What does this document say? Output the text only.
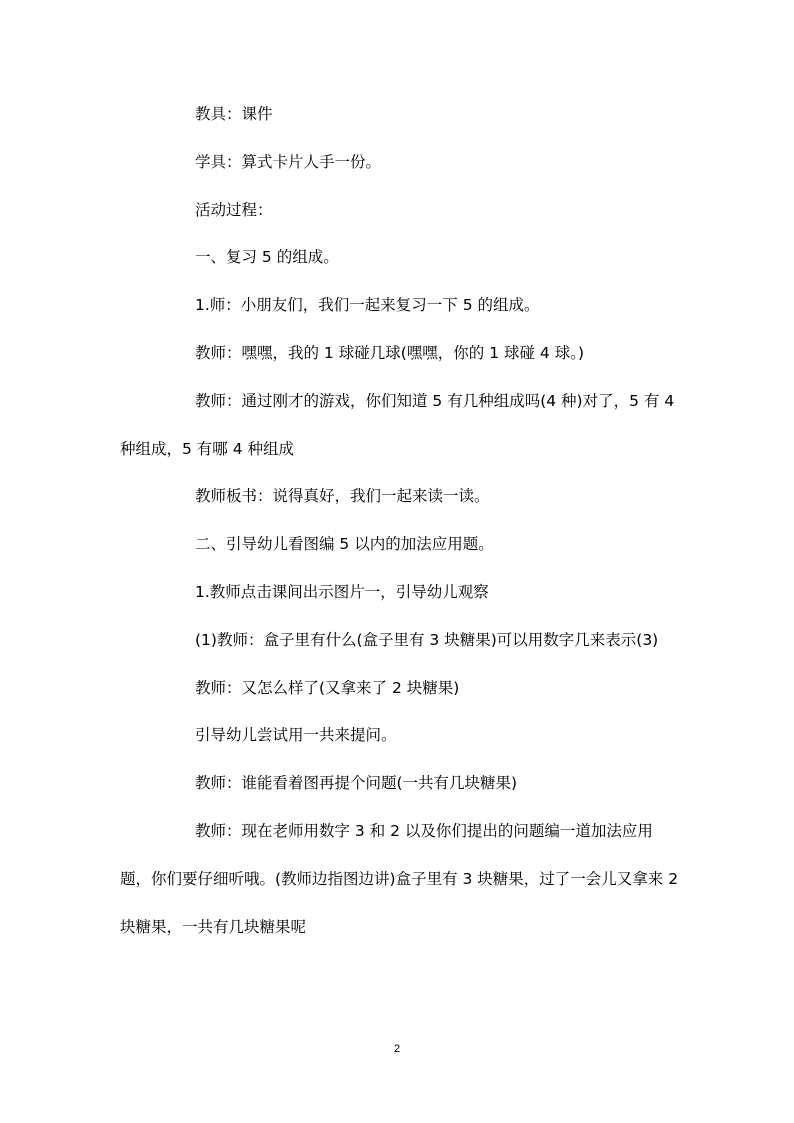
教具：课件

学具：算式卡片人手一份。

活动过程：

一、复习 5 的组成。

1.师：小朋友们，我们一起来复习一下 5 的组成。

教师：嘿嘿，我的 1 球碰几球(嘿嘿，你的 1 球碰 4 球。)

教师：通过刚才的游戏，你们知道 5 有几种组成吗(4 种)对了，5 有 4 种组成，5 有哪 4 种组成

教师板书：说得真好，我们一起来读一读。

二、引导幼儿看图编 5 以内的加法应用题。

1.教师点击课间出示图片一，引导幼儿观察

(1)教师：盒子里有什么(盒子里有 3 块糖果)可以用数字几来表示(3)

教师：又怎么样了(又拿来了 2 块糖果)

引导幼儿尝试用一共来提问。

教师：谁能看着图再提个问题(一共有几块糖果)

教师：现在老师用数字 3 和 2 以及你们提出的问题编一道加法应用题，你们要仔细听哦。(教师边指图边讲)盒子里有 3 块糖果，过了一会儿又拿来 2 块糖果，一共有几块糖果呢

2
